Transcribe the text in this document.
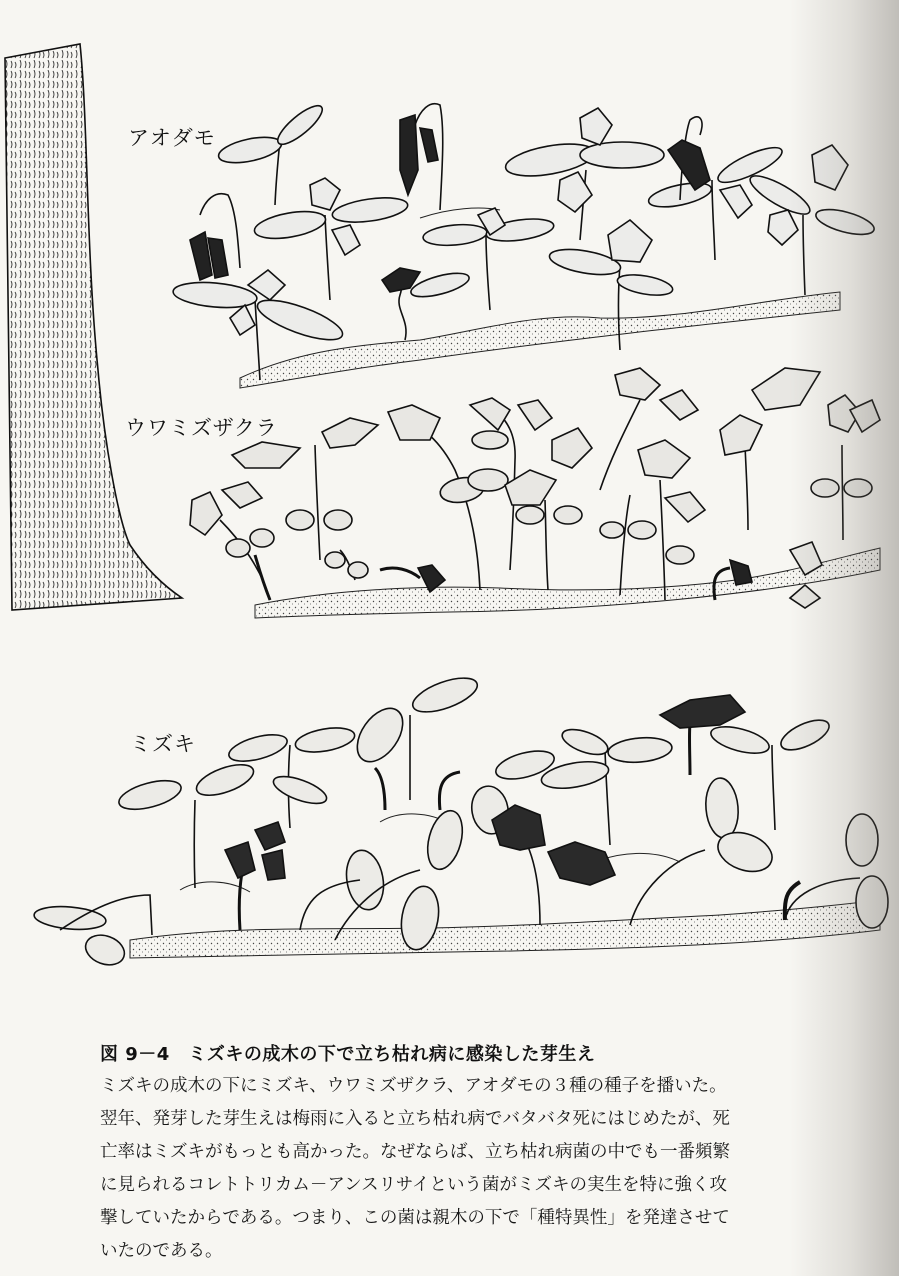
アオダモ
ウワミズザクラ
ミズキ
図 9－4　ミズキの成木の下で立ち枯れ病に感染した芽生え
ミズキの成木の下にミズキ、ウワミズザクラ、アオダモの３種の種子を播いた。
翌年、発芽した芽生えは梅雨に入ると立ち枯れ病でバタバタ死にはじめたが、死
亡率はミズキがもっとも高かった。なぜならば、立ち枯れ病菌の中でも一番頻繁
に見られるコレトトリカム－アンスリサイという菌がミズキの実生を特に強く攻
撃していたからである。つまり、この菌は親木の下で「種特異性」を発達させて
いたのである。
